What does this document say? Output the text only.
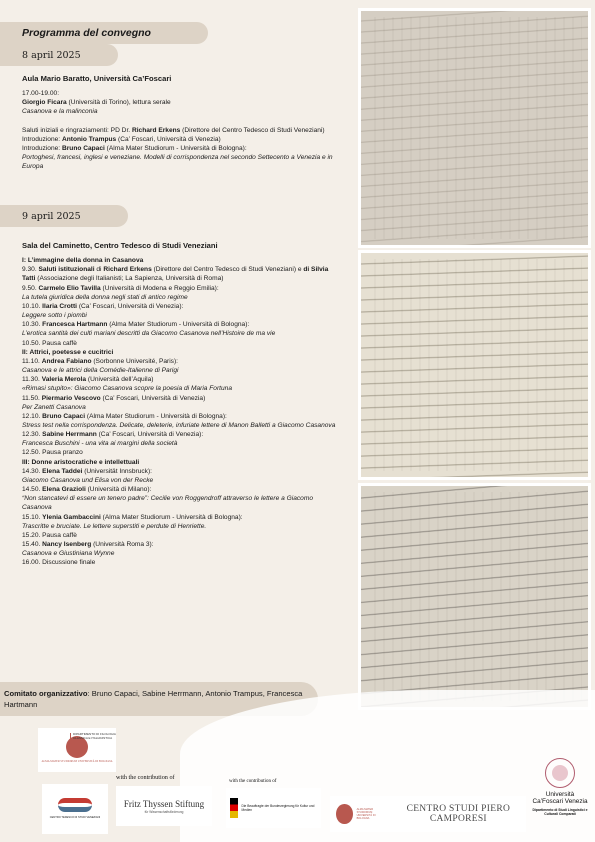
Programma del convegno
8 april 2025
Aula Mario Baratto, Università Ca’Foscari
17.00-19.00:
Giorgio Ficara (Università di Torino), lettura serale
Casanova e la malinconia
Saluti iniziali e ringraziamenti: PD Dr. Richard Erkens (Direttore del Centro Tedesco di Studi Veneziani)
Introduzione: Antonio Trampus (Ca’ Foscari, Università di Venezia)
Introduzione: Bruno Capaci (Alma Mater Studiorum - Università di Bologna):
Portoghesi, francesi, inglesi e veneziane. Modelli di corrispondenza nel secondo Settecento a Venezia e in Europa
9 april 2025
Sala del Caminetto, Centro Tedesco di Studi Veneziani
I: L’immagine della donna in Casanova
9.30. Saluti istituzionali di Richard Erkens (Direttore del Centro Tedesco di Studi Veneziani) e di Silvia Tatti (Associazione degli Italianisti; La Sapienza, Università di Roma)
9.50. Carmelo Elio Tavilla (Università di Modena e Reggio Emilia):
La tutela giuridica della donna negli stati di antico regime
10.10. Ilaria Crotti (Ca’ Foscari, Università di Venezia):
Leggere sotto i piombi
10.30. Francesca Hartmann (Alma Mater Studiorum - Università di Bologna):
L’erotica santità dei culti mariani descritti da Giacomo Casanova nell’Histoire de ma vie
10.50. Pausa caffè
II: Attrici, poetesse e cucitrici
11.10. Andrea Fabiano (Sorbonne Université, Paris):
Casanova e le attrici della Comédie-Italienne di Parigi
11.30. Valeria Merola (Università dell’Aquila)
«Rimasi stupito»: Giacomo Casanova scopre la poesia di Maria Fortuna
11.50. Piermario Vescovo (Ca’ Foscari, Università di Venezia)
Per Zanetti Casanova
12.10. Bruno Capaci (Alma Mater Studiorum - Università di Bologna):
Stress test nella corrispondenza. Delicate, deleterie, infuriate lettere di Manon Balletti a Giacomo Casanova
12.30. Sabine Herrmann (Ca’ Foscari, Università di Venezia):
Francesca Buschini - una vita ai margini della società
12.50. Pausa pranzo
III: Donne aristocratiche e intellettuali
14.30. Elena Taddei (Universität Innsbruck):
Giacomo Casanova und Elisa von der Recke
14.50. Elena Grazioli (Università di Milano):
“Non stancatevi di essere un tenero padre”: Cecilie von Roggendroff attraverso le lettere a Giacomo Casanova
15.10. Ylenia Gambaccini (Alma Mater Studiorum - Università di Bologna):
Trascritte e bruciate. Le lettere superstiti e perdute di Henriette.
15.20. Pausa caffè
15.40. Nancy Isenberg (Università Roma 3):
Casanova e Giustiniana Wynne
16.00. Discussione finale
Comitato organizzativo: Bruno Capaci, Sabine Herrmann, Antonio Trampus, Francesca Hartmann
ALMA MATER STUDIORUM UNIVERSITÀ DI BOLOGNA
DIPARTIMENTO DI FILOLOGIA CLASSICA E ITALIANISTICA
with the contribution of
with the contribution of
CENTRO TEDESCO DI STUDI VENEZIANI
Fritz Thyssen Stiftung
für Wissenschaftsförderung
Die Beauftragte der Bundesregierung für Kultur und Medien	ALMA MATER STUDIORUM UNIVERSITÀ DI BOLOGNA
CENTRO STUDI PIERO CAMPORESI
Università Ca’Foscari Venezia
Dipartimento di Studi Linguistici e Culturali Comparati
